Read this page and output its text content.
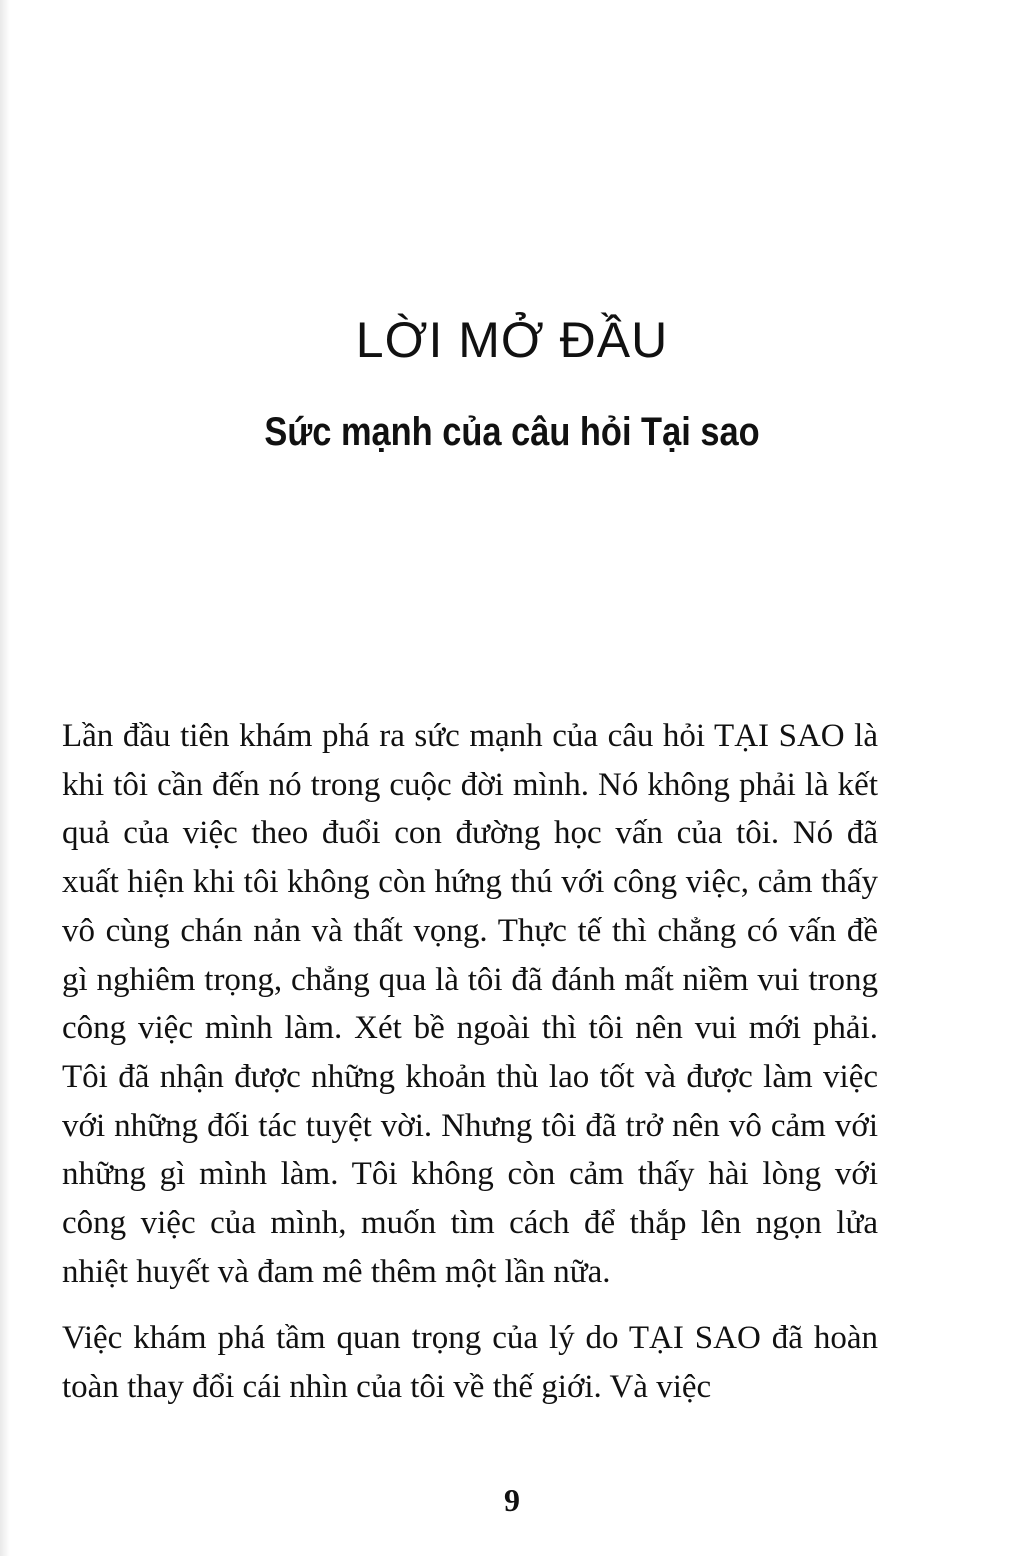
LỜI MỞ ĐẦU
Sức mạnh của câu hỏi Tại sao

Lần đầu tiên khám phá ra sức mạnh của câu hỏi TẠI SAO là khi tôi cần đến nó trong cuộc đời mình. Nó không phải là kết quả của việc theo đuổi con đường học vấn của tôi. Nó đã xuất hiện khi tôi không còn hứng thú với công việc, cảm thấy vô cùng chán nản và thất vọng. Thực tế thì chẳng có vấn đề gì nghiêm trọng, chẳng qua là tôi đã đánh mất niềm vui trong công việc mình làm. Xét bề ngoài thì tôi nên vui mới phải. Tôi đã nhận được những khoản thù lao tốt và được làm việc với những đối tác tuyệt vời. Nhưng tôi đã trở nên vô cảm với những gì mình làm. Tôi không còn cảm thấy hài lòng với công việc của mình, muốn tìm cách để thắp lên ngọn lửa nhiệt huyết và đam mê thêm một lần nữa.

Việc khám phá tầm quan trọng của lý do TẠI SAO đã hoàn toàn thay đổi cái nhìn của tôi về thế giới. Và việc

9
